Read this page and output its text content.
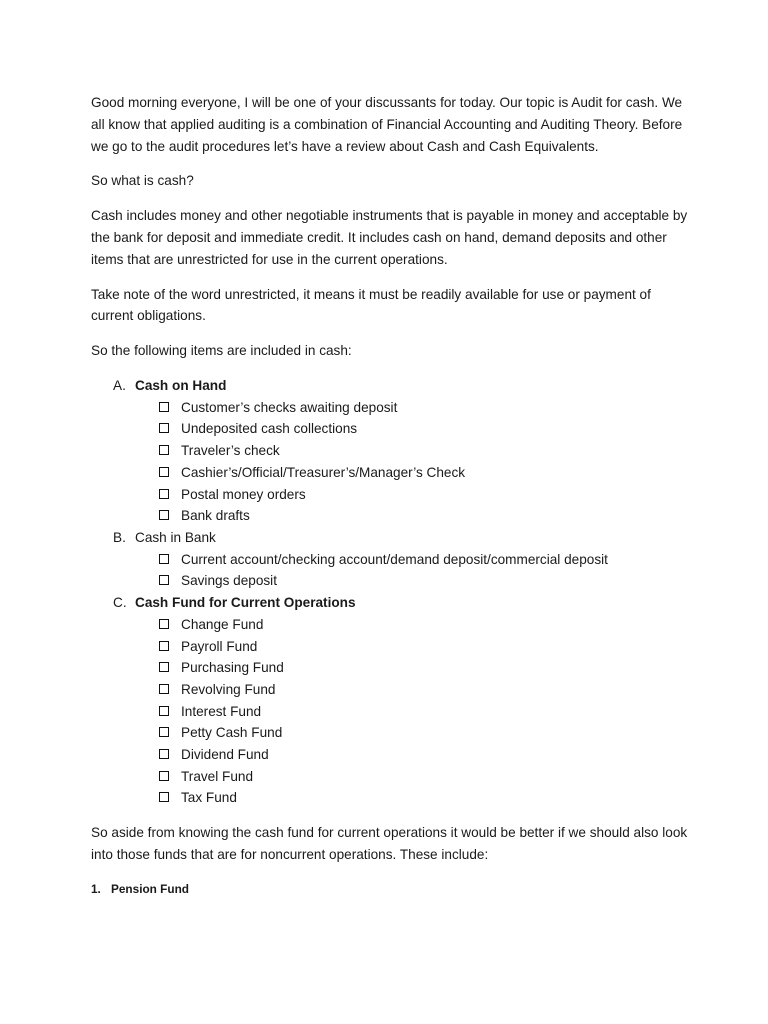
Good morning everyone, I will be one of your discussants for today. Our topic is Audit for cash. We all know that applied auditing is a combination of Financial Accounting and Auditing Theory. Before we go to the audit procedures let’s have a review about Cash and Cash Equivalents.

So what is cash?

Cash includes money and other negotiable instruments that is payable in money and acceptable by the bank for deposit and immediate credit. It includes cash on hand, demand deposits and other items that are unrestricted for use in the current operations.

Take note of the word unrestricted, it means it must be readily available for use or payment of current obligations.

So the following items are included in cash:

A. Cash on Hand
Customer’s checks awaiting deposit
Undeposited cash collections
Traveler’s check
Cashier’s/Official/Treasurer’s/Manager’s Check
Postal money orders
Bank drafts
B. Cash in Bank
Current account/checking account/demand deposit/commercial deposit
Savings deposit
C. Cash Fund for Current Operations
Change Fund
Payroll Fund
Purchasing Fund
Revolving Fund
Interest Fund
Petty Cash Fund
Dividend Fund
Travel Fund
Tax Fund

So aside from knowing the cash fund for current operations it would be better if we should also look into those funds that are for noncurrent operations. These include:

1. Pension Fund
